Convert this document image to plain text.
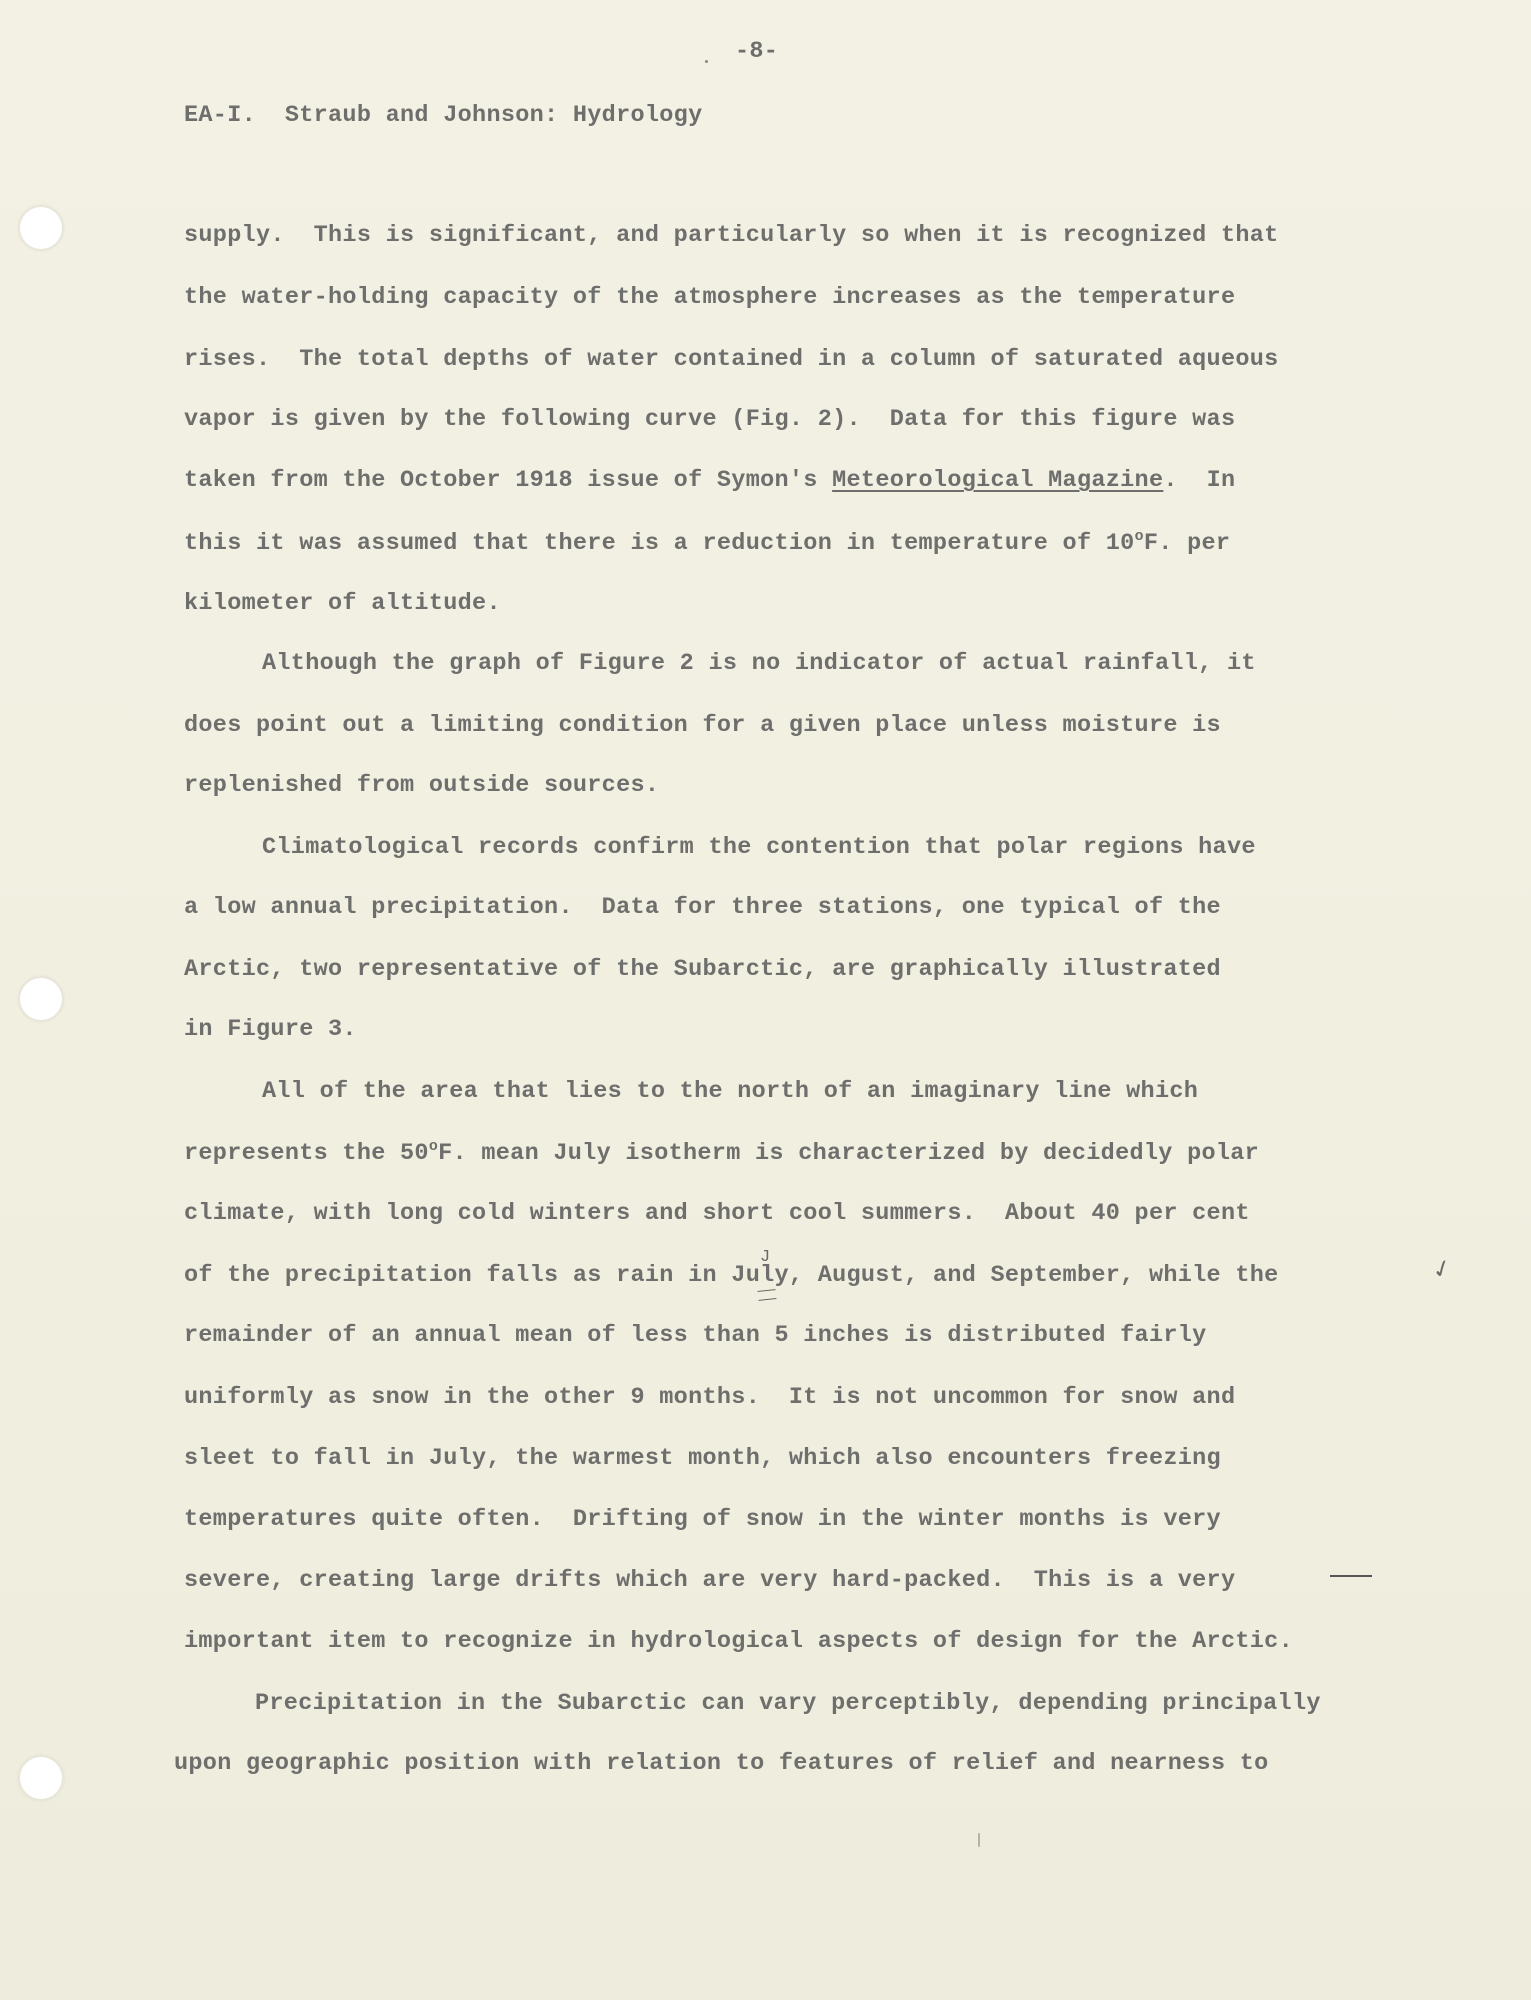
-8-
EA-I.  Straub and Johnson: Hydrology
supply.  This is significant, and particularly so when it is recognized that
the water-holding capacity of the atmosphere increases as the temperature
rises.  The total depths of water contained in a column of saturated aqueous
vapor is given by the following curve (Fig. 2).  Data for this figure was
taken from the October 1918 issue of Symon's Meteorological Magazine.  In
this it was assumed that there is a reduction in temperature of 10$^o$F. per
kilometer of altitude.
Although the graph of Figure 2 is no indicator of actual rainfall, it
does point out a limiting condition for a given place unless moisture is
replenished from outside sources.
Climatological records confirm the contention that polar regions have
a low annual precipitation.  Data for three stations, one typical of the
Arctic, two representative of the Subarctic, are graphically illustrated
in Figure 3.
All of the area that lies to the north of an imaginary line which
represents the 50$^o$F. mean July isotherm is characterized by decidedly polar
climate, with long cold winters and short cool summers.  About 40 per cent
of the precipitation falls as rain in July, August, and September, while the
remainder of an annual mean of less than 5 inches is distributed fairly
uniformly as snow in the other 9 months.  It is not uncommon for snow and
sleet to fall in July, the warmest month, which also encounters freezing
temperatures quite often.  Drifting of snow in the winter months is very
severe, creating large drifts which are very hard-packed.  This is a very
important item to recognize in hydrological aspects of design for the Arctic.
Precipitation in the Subarctic can vary perceptibly, depending principally
upon geographic position with relation to features of relief and nearness to
J	✓
